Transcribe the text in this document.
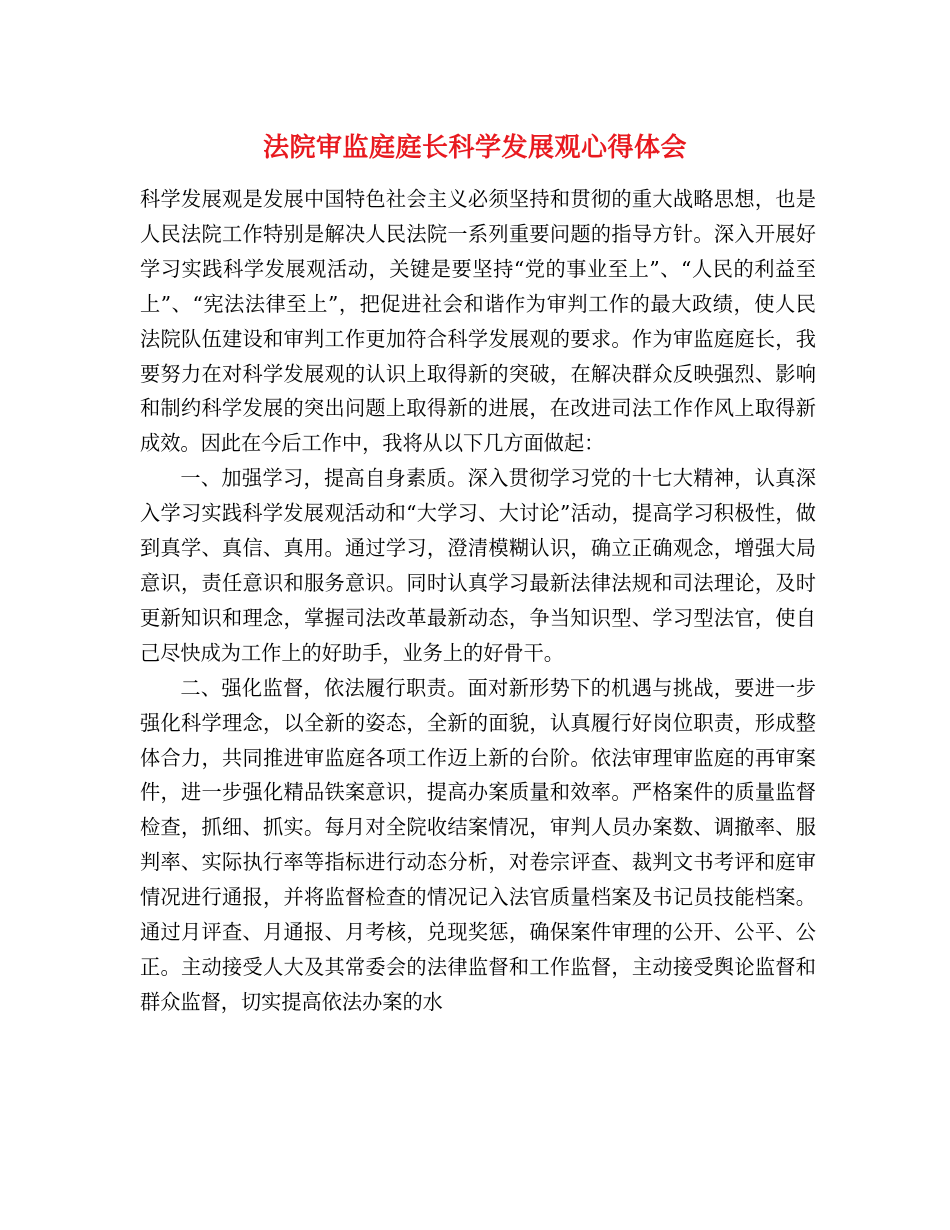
法院审监庭庭长科学发展观心得体会

科学发展观是发展中国特色社会主义必须坚持和贯彻的重大战略思想，也是人民法院工作特别是解决人民法院一系列重要问题的指导方针。深入开展好学习实践科学发展观活动，关键是要坚持“党的事业至上”、“人民的利益至上”、“宪法法律至上”，把促进社会和谐作为审判工作的最大政绩，使人民法院队伍建设和审判工作更加符合科学发展观的要求。作为审监庭庭长，我要努力在对科学发展观的认识上取得新的突破，在解决群众反映强烈、影响和制约科学发展的突出问题上取得新的进展，在改进司法工作作风上取得新成效。因此在今后工作中，我将从以下几方面做起：

一、加强学习，提高自身素质。深入贯彻学习党的十七大精神，认真深入学习实践科学发展观活动和“大学习、大讨论”活动，提高学习积极性，做到真学、真信、真用。通过学习，澄清模糊认识，确立正确观念，增强大局意识，责任意识和服务意识。同时认真学习最新法律法规和司法理论，及时更新知识和理念，掌握司法改革最新动态，争当知识型、学习型法官，使自己尽快成为工作上的好助手，业务上的好骨干。

二、强化监督，依法履行职责。面对新形势下的机遇与挑战，要进一步强化科学理念，以全新的姿态，全新的面貌，认真履行好岗位职责，形成整体合力，共同推进审监庭各项工作迈上新的台阶。依法审理审监庭的再审案件，进一步强化精品铁案意识，提高办案质量和效率。严格案件的质量监督检查，抓细、抓实。每月对全院收结案情况，审判人员办案数、调撤率、服判率、实际执行率等指标进行动态分析，对卷宗评查、裁判文书考评和庭审情况进行通报，并将监督检查的情况记入法官质量档案及书记员技能档案。通过月评查、月通报、月考核，兑现奖惩，确保案件审理的公开、公平、公正。主动接受人大及其常委会的法律监督和工作监督，主动接受舆论监督和群众监督，切实提高依法办案的水
